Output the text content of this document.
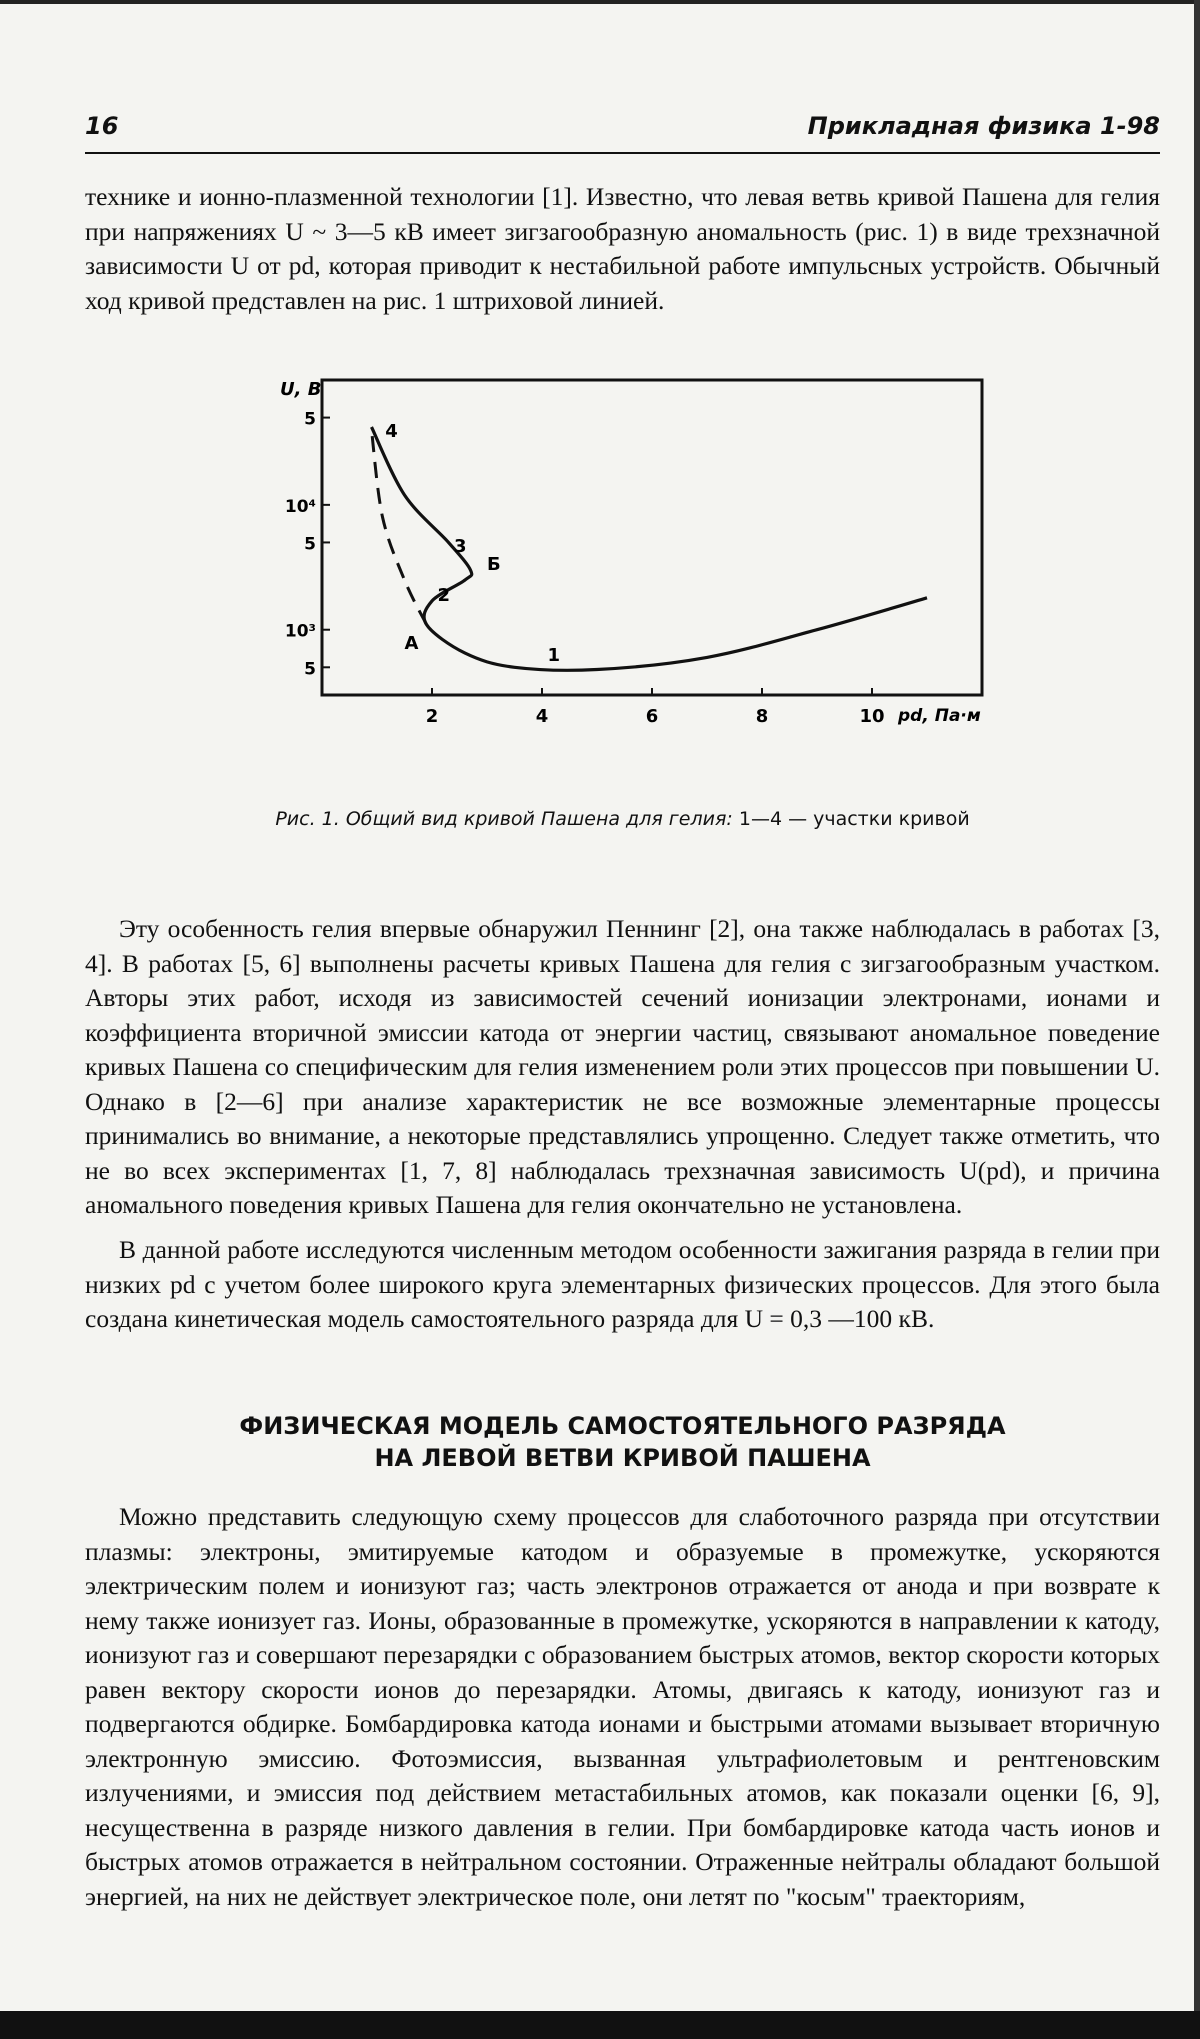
16	Прикладная физика 1-98

технике и ионно-плазменной технологии [1]. Известно, что левая ветвь кривой Пашена для гелия при напряжениях U ~ 3—5 кВ имеет зигзагообразную аномальность (рис. 1) в виде трехзначной зависимости U от pd, которая приводит к нестабильной работе импульсных устройств. Обычный ход кривой представлен на рис. 1 штриховой линией.

U, В
pd, Па·м
2	4	6	8	10
5
10³
5
10⁴
5
1
2
3
4
А
Б
Рис. 1. Общий вид кривой Пашена для гелия: 1—4 — участки кривой

Эту особенность гелия впервые обнаружил Пеннинг [2], она также наблюдалась в работах [3, 4]. В работах [5, 6] выполнены расчеты кривых Пашена для гелия с зигзагообразным участком. Авторы этих работ, исходя из зависимостей сечений ионизации электронами, ионами и коэффициента вторичной эмиссии катода от энергии частиц, связывают аномальное поведение кривых Пашена со специфическим для гелия изменением роли этих процессов при повышении U. Однако в [2—6] при анализе характеристик не все возможные элементарные процессы принимались во внимание, а некоторые представлялись упрощенно. Следует также отметить, что не во всех экспериментах [1, 7, 8] наблюдалась трехзначная зависимость U(pd), и причина аномального поведения кривых Пашена для гелия окончательно не установлена.

В данной работе исследуются численным методом особенности зажигания разряда в гелии при низких pd с учетом более широкого круга элементарных физических процессов. Для этого была создана кинетическая модель самостоятельного разряда для U = 0,3 —100 кВ.

ФИЗИЧЕСКАЯ МОДЕЛЬ САМОСТОЯТЕЛЬНОГО РАЗРЯДА
НА ЛЕВОЙ ВЕТВИ КРИВОЙ ПАШЕНА

Можно представить следующую схему процессов для слаботочного разряда при отсутствии плазмы: электроны, эмитируемые катодом и образуемые в промежутке, ускоряются электрическим полем и ионизуют газ; часть электронов отражается от анода и при возврате к нему также ионизует газ. Ионы, образованные в промежутке, ускоряются в направлении к катоду, ионизуют газ и совершают перезарядки с образованием быстрых атомов, вектор скорости которых равен вектору скорости ионов до перезарядки. Атомы, двигаясь к катоду, ионизуют газ и подвергаются обдирке. Бомбардировка катода ионами и быстрыми атомами вызывает вторичную электронную эмиссию. Фотоэмиссия, вызванная ультрафиолетовым и рентгеновским излучениями, и эмиссия под действием метастабильных атомов, как показали оценки [6, 9], несущественна в разряде низкого давления в гелии. При бомбардировке катода часть ионов и быстрых атомов отражается в нейтральном состоянии. Отраженные нейтралы обладают большой энергией, на них не действует электрическое поле, они летят по "косым" траекториям,
